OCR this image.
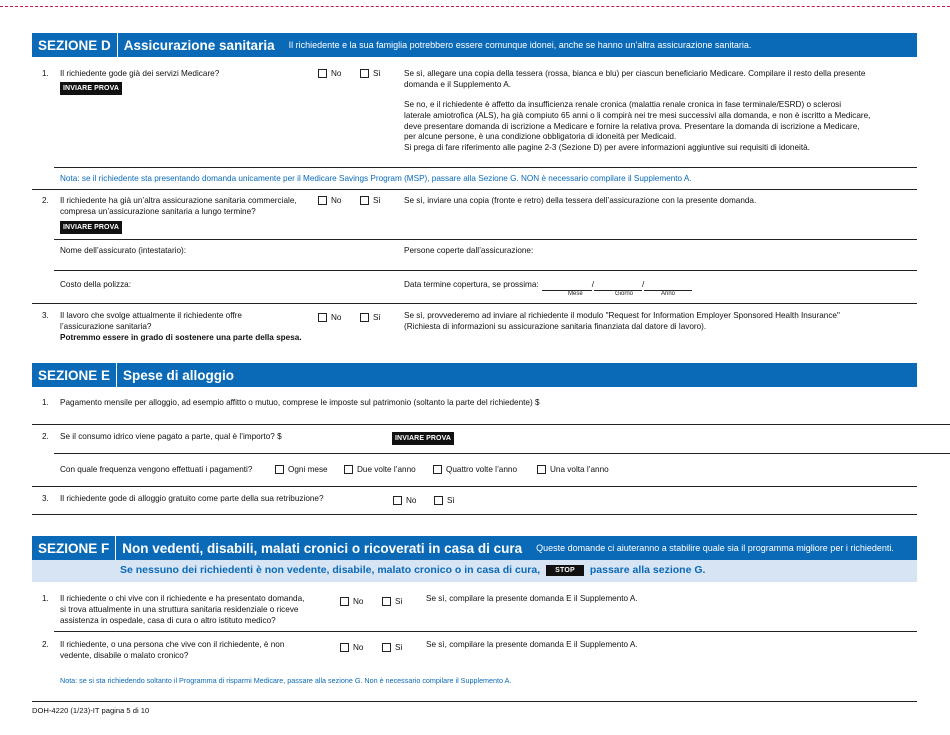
SEZIONE D Assicurazione sanitaria	Il richiedente e la sua famiglia potrebbero essere comunque idonei, anche se hanno un’altra assicurazione sanitaria.
1. Il richiedente gode già dei servizi Medicare?
INVIARE PROVA
No	Sì	Se sì, allegare una copia della tessera (rossa, bianca e blu) per ciascun beneficiario Medicare. Compilare il resto della presente
domanda e il Supplemento A.
Se no, e il richiedente è affetto da insufficienza renale cronica (malattia renale cronica in fase terminale/ESRD) o sclerosi
laterale amiotrofica (ALS), ha già compiuto 65 anni o li compirà nei tre mesi successivi alla domanda, e non è iscritto a Medicare,
deve presentare domanda di iscrizione a Medicare e fornire la relativa prova. Presentare la domanda di iscrizione a Medicare,
per alcune persone, è una condizione obbligatoria di idoneità per Medicaid.
Si prega di fare riferimento alle pagine 2-3 (Sezione D) per avere informazioni aggiuntive sui requisiti di idoneità.
Nota: se il richiedente sta presentando domanda unicamente per il Medicare Savings Program (MSP), passare alla Sezione G. NON è necessario compilare il Supplemento A.
2. Il richiedente ha già un’altra assicurazione sanitaria commerciale,
compresa un’assicurazione sanitaria a lungo termine?
INVIARE PROVA
No	Sì	Se sì, inviare una copia (fronte e retro) della tessera dell’assicurazione con la presente domanda.
Nome dell’assicurato (intestatario):	Persone coperte dall’assicurazione:
Costo della polizza:	Data termine copertura, se prossima:	/	/
Mese	Giorno	Anno
3. Il lavoro che svolge attualmente il richiedente offre
l’assicurazione sanitaria?
Potremmo essere in grado di sostenere una parte della spesa.
No	Sì	Se sì, provvederemo ad inviare al richiedente il modulo "Request for Information Employer Sponsored Health Insurance"
(Richiesta di informazioni su assicurazione sanitaria finanziata dal datore di lavoro).
SEZIONE E Spese di alloggio
1. Pagamento mensile per alloggio, ad esempio affitto o mutuo, comprese le imposte sul patrimonio (soltanto la parte del richiedente) $
2. Se il consumo idrico viene pagato a parte, qual è l’importo? $	INVIARE PROVA
Con quale frequenza vengono effettuati i pagamenti?	Ogni mese	Due volte l’anno	Quattro volte l’anno	Una volta l’anno
3. Il richiedente gode di alloggio gratuito come parte della sua retribuzione?	No	Sì
SEZIONE F Non vedenti, disabili, malati cronici o ricoverati in casa di cura	Queste domande ci aiuteranno a stabilire quale sia il programma migliore per i richiedenti.
Se nessuno dei richiedenti è non vedente, disabile, malato cronico o in casa di cura,	STOP	passare alla sezione G.
1. Il richiedente o chi vive con il richiedente e ha presentato domanda,
si trova attualmente in una struttura sanitaria residenziale o riceve
assistenza in ospedale, casa di cura o altro istituto medico?
No	Sì	Se sì, compilare la presente domanda E il Supplemento A.
2. Il richiedente, o una persona che vive con il richiedente, è non
vedente, disabile o malato cronico?
No	Sì	Se sì, compilare la presente domanda E il Supplemento A.
Nota: se si sta richiedendo soltanto il Programma di risparmi Medicare, passare alla sezione G. Non è necessario compilare il Supplemento A.
DOH-4220 (1/23)-IT pagina 5 di 10
